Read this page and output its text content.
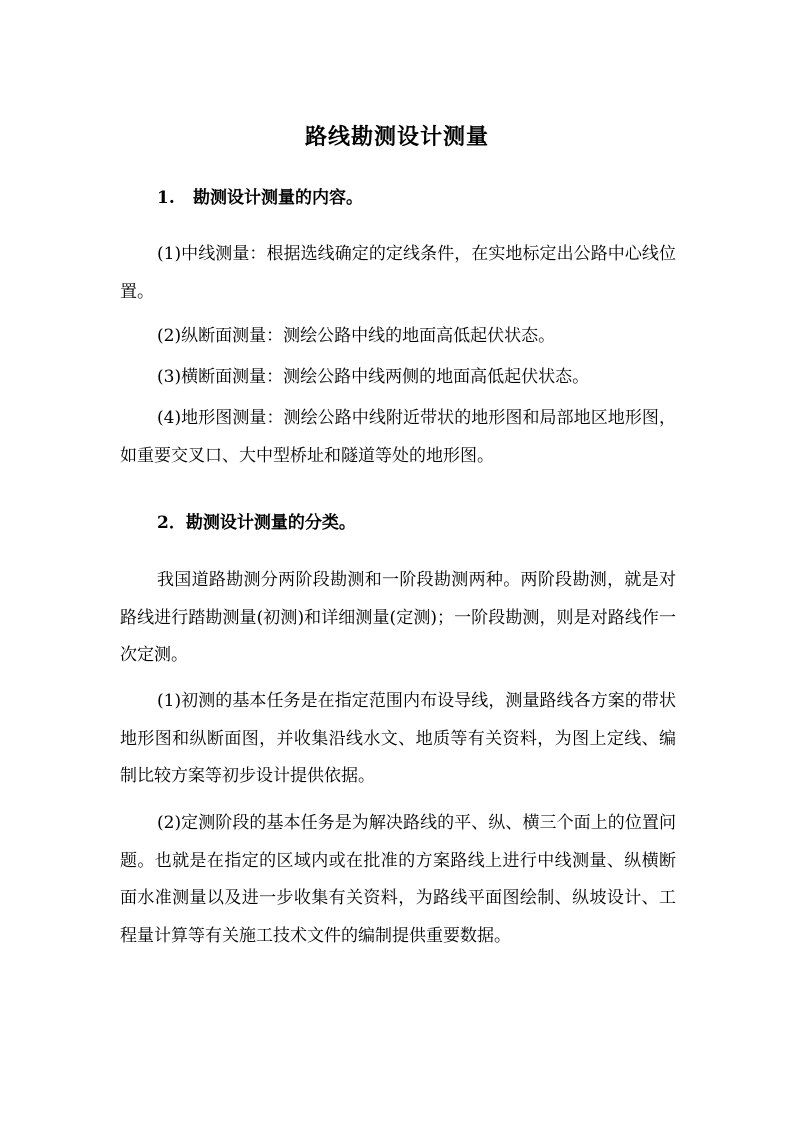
路线勘测设计测量
1. 勘测设计测量的内容。
(1)中线测量：根据选线确定的定线条件，在实地标定出公路中心线位置。
(2)纵断面测量：测绘公路中线的地面高低起伏状态。
(3)横断面测量：测绘公路中线两侧的地面高低起伏状态。
(4)地形图测量：测绘公路中线附近带状的地形图和局部地区地形图，如重要交叉口、大中型桥址和隧道等处的地形图。
2．勘测设计测量的分类。
我国道路勘测分两阶段勘测和一阶段勘测两种。两阶段勘测，就是对路线进行踏勘测量(初测)和详细测量(定测)；一阶段勘测，则是对路线作一次定测。
(1)初测的基本任务是在指定范围内布设导线，测量路线各方案的带状地形图和纵断面图，并收集沿线水文、地质等有关资料，为图上定线、编制比较方案等初步设计提供依据。
(2)定测阶段的基本任务是为解决路线的平、纵、横三个面上的位置问题。也就是在指定的区域内或在批准的方案路线上进行中线测量、纵横断面水准测量以及进一步收集有关资料，为路线平面图绘制、纵坡设计、工程量计算等有关施工技术文件的编制提供重要数据。
